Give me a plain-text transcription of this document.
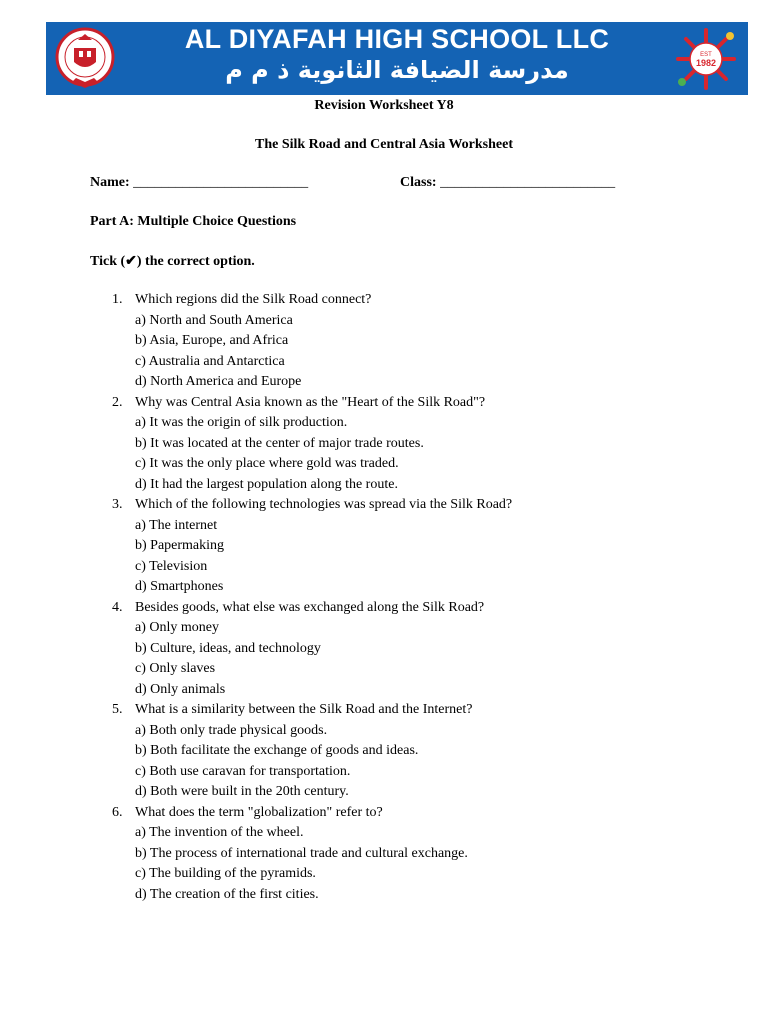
AL DIYAFAH HIGH SCHOOL LLC
مدرسة الضيافة الثانوية ذ م م
EST
1982
Revision Worksheet Y8
The Silk Road and Central Asia Worksheet
Name: _________________________	Class: _________________________
Part A: Multiple Choice Questions
Tick (✔) the correct option.
1. Which regions did the Silk Road connect?
a) North and South America
b) Asia, Europe, and Africa
c) Australia and Antarctica
d) North America and Europe
2. Why was Central Asia known as the "Heart of the Silk Road"?
a) It was the origin of silk production.
b) It was located at the center of major trade routes.
c) It was the only place where gold was traded.
d) It had the largest population along the route.
3. Which of the following technologies was spread via the Silk Road?
a) The internet
b) Papermaking
c) Television
d) Smartphones
4. Besides goods, what else was exchanged along the Silk Road?
a) Only money
b) Culture, ideas, and technology
c) Only slaves
d) Only animals
5. What is a similarity between the Silk Road and the Internet?
a) Both only trade physical goods.
b) Both facilitate the exchange of goods and ideas.
c) Both use caravan for transportation.
d) Both were built in the 20th century.
6. What does the term "globalization" refer to?
a) The invention of the wheel.
b) The process of international trade and cultural exchange.
c) The building of the pyramids.
d) The creation of the first cities.
